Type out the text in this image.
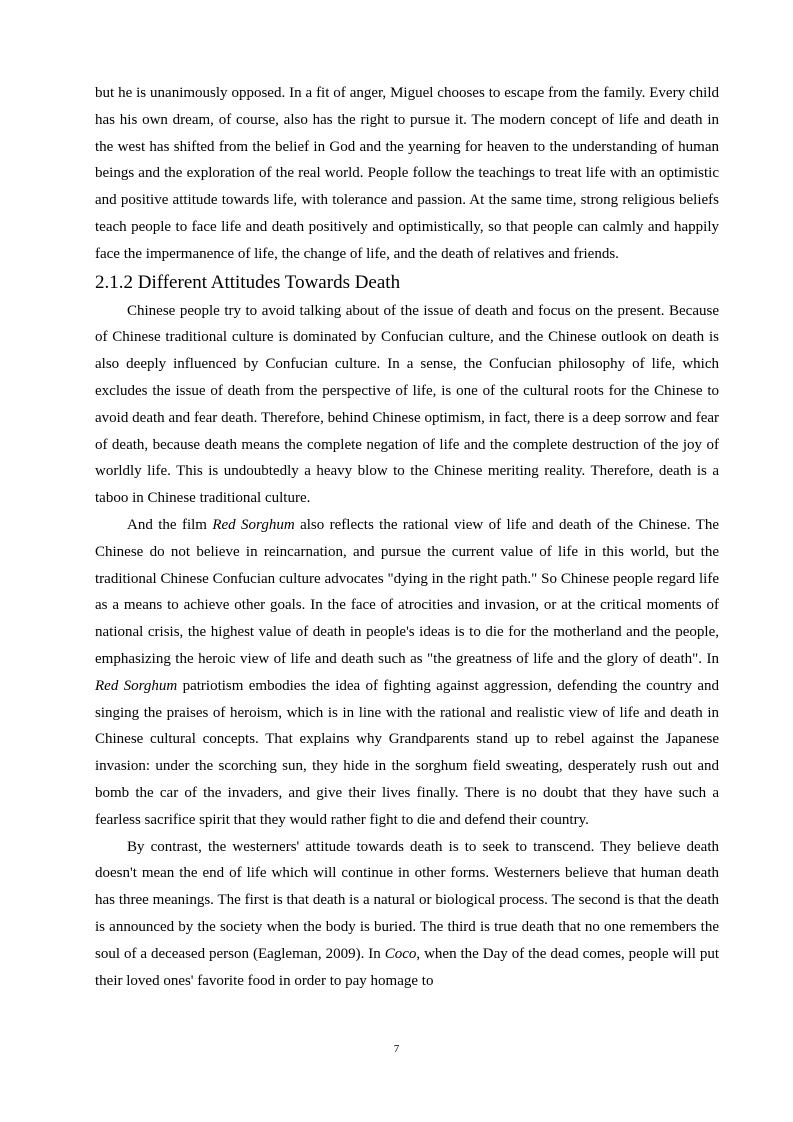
but he is unanimously opposed. In a fit of anger, Miguel chooses to escape from the family. Every child has his own dream, of course, also has the right to pursue it. The modern concept of life and death in the west has shifted from the belief in God and the yearning for heaven to the understanding of human beings and the exploration of the real world. People follow the teachings to treat life with an optimistic and positive attitude towards life, with tolerance and passion. At the same time, strong religious beliefs teach people to face life and death positively and optimistically, so that people can calmly and happily face the impermanence of life, the change of life, and the death of relatives and friends.

2.1.2 Different Attitudes Towards Death

Chinese people try to avoid talking about of the issue of death and focus on the present. Because of Chinese traditional culture is dominated by Confucian culture, and the Chinese outlook on death is also deeply influenced by Confucian culture. In a sense, the Confucian philosophy of life, which excludes the issue of death from the perspective of life, is one of the cultural roots for the Chinese to avoid death and fear death. Therefore, behind Chinese optimism, in fact, there is a deep sorrow and fear of death, because death means the complete negation of life and the complete destruction of the joy of worldly life. This is undoubtedly a heavy blow to the Chinese meriting reality. Therefore, death is a taboo in Chinese traditional culture.

And the film Red Sorghum also reflects the rational view of life and death of the Chinese. The Chinese do not believe in reincarnation, and pursue the current value of life in this world, but the traditional Chinese Confucian culture advocates "dying in the right path." So Chinese people regard life as a means to achieve other goals. In the face of atrocities and invasion, or at the critical moments of national crisis, the highest value of death in people's ideas is to die for the motherland and the people, emphasizing the heroic view of life and death such as "the greatness of life and the glory of death". In Red Sorghum patriotism embodies the idea of fighting against aggression, defending the country and singing the praises of heroism, which is in line with the rational and realistic view of life and death in Chinese cultural concepts. That explains why Grandparents stand up to rebel against the Japanese invasion: under the scorching sun, they hide in the sorghum field sweating, desperately rush out and bomb the car of the invaders, and give their lives finally. There is no doubt that they have such a fearless sacrifice spirit that they would rather fight to die and defend their country.

By contrast, the westerners' attitude towards death is to seek to transcend. They believe death doesn't mean the end of life which will continue in other forms. Westerners believe that human death has three meanings. The first is that death is a natural or biological process. The second is that the death is announced by the society when the body is buried. The third is true death that no one remembers the soul of a deceased person (Eagleman, 2009). In Coco, when the Day of the dead comes, people will put their loved ones' favorite food in order to pay homage to

7
